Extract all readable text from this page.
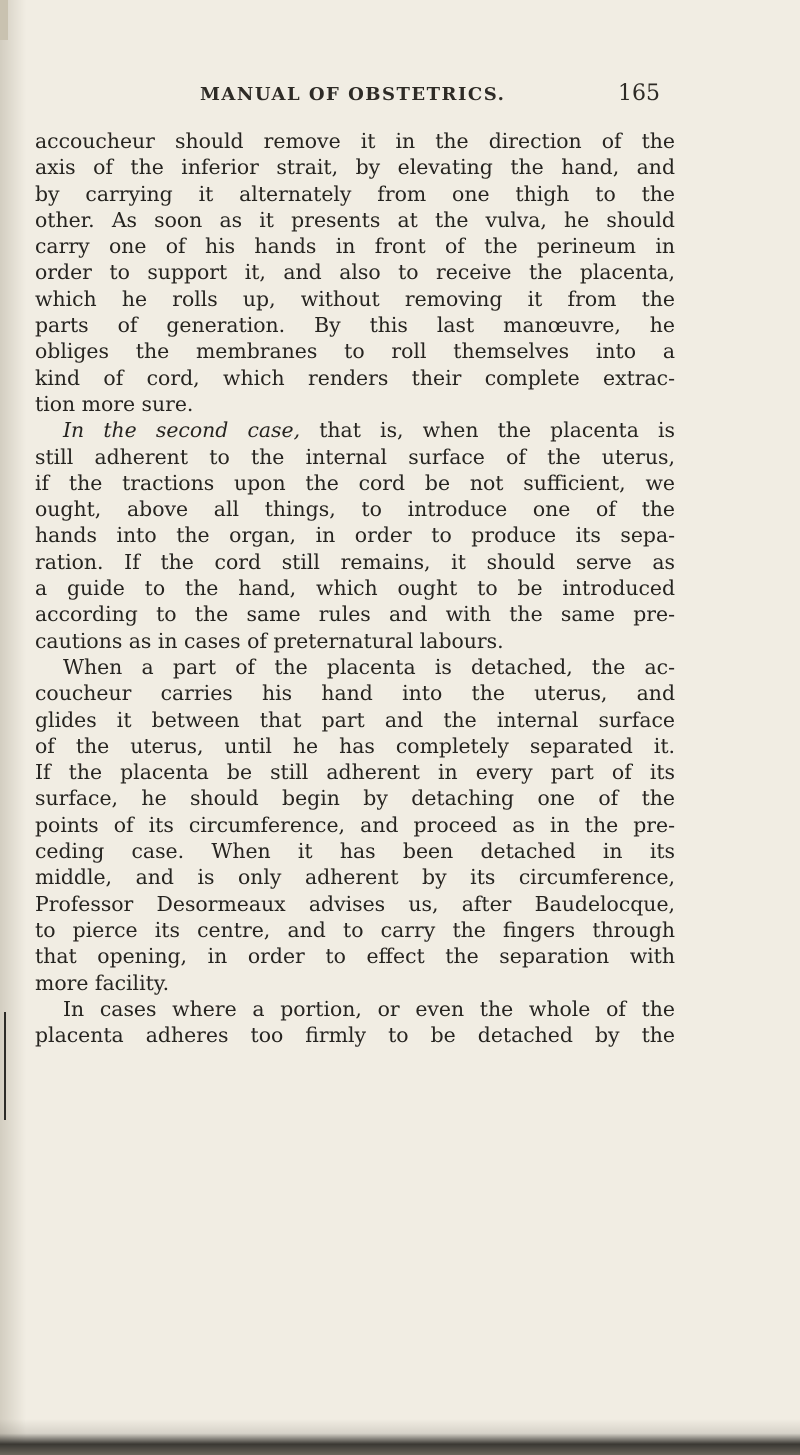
MANUAL OF OBSTETRICS.	165
accoucheur should remove it in the direction of the
axis of the inferior strait, by elevating the hand, and
by carrying it alternately from one thigh to the
other. As soon as it presents at the vulva, he should
carry one of his hands in front of the perineum in
order to support it, and also to receive the placenta,
which he rolls up, without removing it from the
parts of generation. By this last manœuvre, he
obliges the membranes to roll themselves into a
kind of cord, which renders their complete extrac-
tion more sure.
In the second case, that is, when the placenta is
still adherent to the internal surface of the uterus,
if the tractions upon the cord be not sufficient, we
ought, above all things, to introduce one of the
hands into the organ, in order to produce its sepa-
ration. If the cord still remains, it should serve as
a guide to the hand, which ought to be introduced
according to the same rules and with the same pre-
cautions as in cases of preternatural labours.
When a part of the placenta is detached, the ac-
coucheur carries his hand into the uterus, and
glides it between that part and the internal surface
of the uterus, until he has completely separated it.
If the placenta be still adherent in every part of its
surface, he should begin by detaching one of the
points of its circumference, and proceed as in the pre-
ceding case. When it has been detached in its
middle, and is only adherent by its circumference,
Professor Desormeaux advises us, after Baudelocque,
to pierce its centre, and to carry the fingers through
that opening, in order to effect the separation with
more facility.
In cases where a portion, or even the whole of the
placenta adheres too firmly to be detached by the
